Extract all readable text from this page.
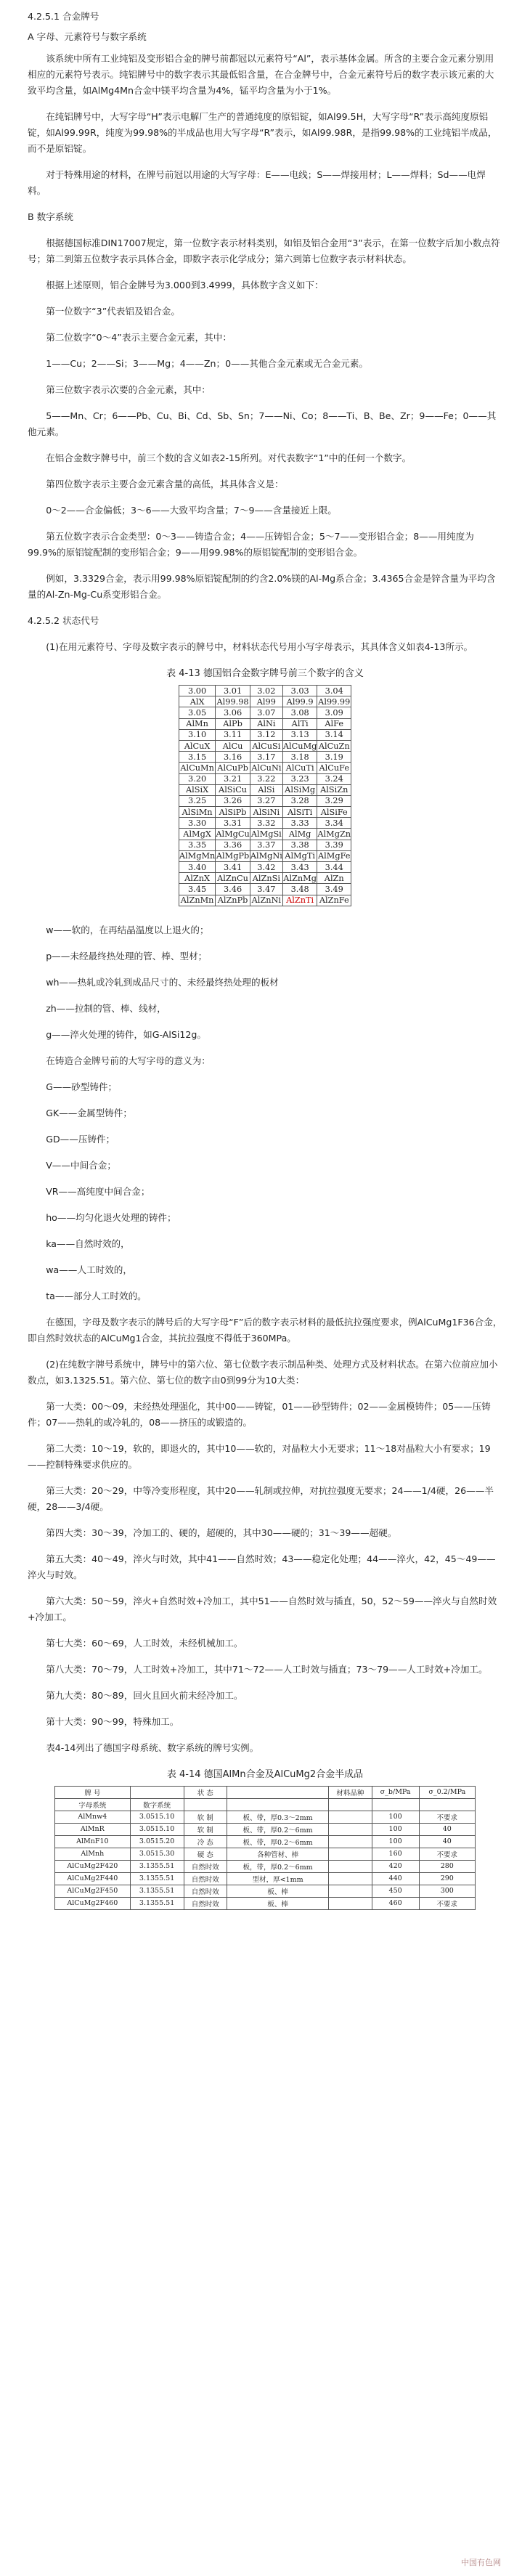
4.2.5.1 合金牌号

A 字母、元素符号与数字系统

该系统中所有工业纯铝及变形铝合金的牌号前都冠以元素符号“Al”，表示基体金属。所含的主要合金元素分别用相应的元素符号表示。纯铝牌号中的数字表示其最低铝含量，在合金牌号中，合金元素符号后的数字表示该元素的大致平均含量，如AlMg4Mn合金中镁平均含量为4%，锰平均含量为小于1%。

在纯铝牌号中，大写字母“H”表示电解厂生产的普通纯度的原铝锭，如Al99.5H，大写字母“R”表示高纯度原铝锭，如Al99.99R，纯度为99.98%的半成品也用大写字母“R”表示，如Al99.98R，是指99.98%的工业纯铝半成品，而不是原铝锭。

对于特殊用途的材料，在牌号前冠以用途的大写字母：E——电线；S——焊接用材；L——焊料；Sd——电焊料。

B 数字系统

根据德国标准DIN17007规定，第一位数字表示材料类别，如铝及铝合金用“3”表示，在第一位数字后加小数点符号；第二到第五位数字表示具体合金，即数字表示化学成分；第六到第七位数字表示材料状态。

根据上述原则，铝合金牌号为3.000到3.4999，具体数字含义如下：

第一位数字“3”代表铝及铝合金。

第二位数字“0～4”表示主要合金元素，其中：

1——Cu；2——Si；3——Mg；4——Zn；0——其他合金元素或无合金元素。

第三位数字表示次要的合金元素，其中：

5——Mn、Cr；6——Pb、Cu、Bi、Cd、Sb、Sn；7——Ni、Co；8——Ti、B、Be、Zr；9——Fe；0——其他元素。

在铝合金数字牌号中，前三个数的含义如表2-15所列。对代表数字“1”中的任何一个数字。

第四位数字表示主要合金元素含量的高低，其具体含义是：

0～2——合金偏低；3～6——大致平均含量；7～9——含量接近上限。

第五位数字表示合金类型：0～3——铸造合金；4——压铸铝合金；5～7——变形铝合金；8——用纯度为99.9%的原铝锭配制的变形铝合金；9——用99.98%的原铝锭配制的变形铝合金。

例如，3.3329合金，表示用99.98%原铝锭配制的约含2.0%镁的Al-Mg系合金；3.4365合金是锌含量为平均含量的Al-Zn-Mg-Cu系变形铝合金。

4.2.5.2 状态代号

(1)在用元素符号、字母及数字表示的牌号中，材料状态代号用小写字母表示，其具体含义如表4-13所示。

表 4-13 德国铝合金数字牌号前三个数字的含义
3.00	3.01	3.02	3.03	3.04
AlX	Al99.98	Al99	Al99.9	Al99.99
3.05	3.06	3.07	3.08	3.09
AlMn	AlPb	AlNi	AlTi	AlFe
3.10	3.11	3.12	3.13	3.14
AlCuX	AlCu	AlCuSi	AlCuMg	AlCuZn
3.15	3.16	3.17	3.18	3.19
AlCuMn	AlCuPb	AlCuNi	AlCuTi	AlCuFe
3.20	3.21	3.22	3.23	3.24
AlSiX	AlSiCu	AlSi	AlSiMg	AlSiZn
3.25	3.26	3.27	3.28	3.29
AlSiMn	AlSiPb	AlSiNi	AlSiTi	AlSiFe
3.30	3.31	3.32	3.33	3.34
AlMgX	AlMgCu	AlMgSi	AlMg	AlMgZn
3.35	3.36	3.37	3.38	3.39
AlMgMn	AlMgPb	AlMgNi	AlMgTi	AlMgFe
3.40	3.41	3.42	3.43	3.44
AlZnX	AlZnCu	AlZnSi	AlZnMg	AlZn
3.45	3.46	3.47	3.48	3.49
AlZnMn	AlZnPb	AlZnNi	AlZnTi	AlZnFe

w——软的，在再结晶温度以上退火的；

p——未经最终热处理的管、棒、型材；

wh——热轧或冷轧到成品尺寸的、未经最终热处理的板材

zh——拉制的管、棒、线材，

g——淬火处理的铸件，如G-AlSi12g。

在铸造合金牌号前的大写字母的意义为：

G——砂型铸件；

GK——金属型铸件；

GD——压铸件；

V——中间合金；

VR——高纯度中间合金；

ho——均匀化退火处理的铸件；

ka——自然时效的，

wa——人工时效的，

ta——部分人工时效的。

在德国，字母及数字表示的牌号后的大写字母“F”后的数字表示材料的最低抗拉强度要求，例AlCuMg1F36合金，即自然时效状态的AlCuMg1合金，其抗拉强度不得低于360MPa。

(2)在纯数字牌号系统中，牌号中的第六位、第七位数字表示制品种类、处理方式及材料状态。在第六位前应加小数点，如3.1325.51。第六位、第七位的数字由0到99分为10大类：

第一大类：00～09，未经热处理强化，其中00——铸锭，01——砂型铸件；02——金属模铸件；05——压铸件；07——热轧的或冷轧的，08——挤压的或锻造的。

第二大类：10～19，软的，即退火的，其中10——软的，对晶粒大小无要求；11～18对晶粒大小有要求；19——控制特殊要求供应的。

第三大类：20～29，中等冷变形程度，其中20——轧制或拉伸，对抗拉强度无要求；24——1/4硬，26——半硬，28——3/4硬。

第四大类：30～39，冷加工的、硬的，超硬的，其中30——硬的；31～39——超硬。

第五大类：40～49，淬火与时效，其中41——自然时效；43——稳定化处理；44——淬火，42，45～49——淬火与时效。

第六大类：50～59，淬火+自然时效+冷加工，其中51——自然时效与插直，50，52～59——淬火与自然时效+冷加工。

第七大类：60～69，人工时效，未经机械加工。

第八大类：70～79，人工时效+冷加工，其中71～72——人工时效与插直；73～79——人工时效+冷加工。

第九大类：80～89，回火且回火前未经冷加工。

第十大类：90～99，特殊加工。

表4-14列出了德国字母系统、数字系统的牌号实例。

表 4-14 德国AlMn合金及AlCuMg2合金半成品
牌 号		状 态		材料品种	σ_b/MPa	σ_0.2/MPa
字母系统	数字系统					
AlMnw4	3.0515.10	软 制	板、带，厚0.3～2mm		100	不要求
AlMnR	3.0515.10	软 制	板、带，厚0.2～6mm		100	40
AlMnF10	3.0515.20	冷 态	板、带，厚0.2～6mm		100	40
AlMnh	3.0515.30	硬 态	各种管材、棒		160	不要求
AlCuMg2F420	3.1355.51	自然时效	板，带，厚0.2～6mm		420	280
AlCuMg2F440	3.1355.51	自然时效	型材，厚<1mm		440	290
AlCuMg2F450	3.1355.51	自然时效	板、棒		450	300
AlCuMg2F460	3.1355.51	自然时效	板、棒		460	不要求
中国有色网
